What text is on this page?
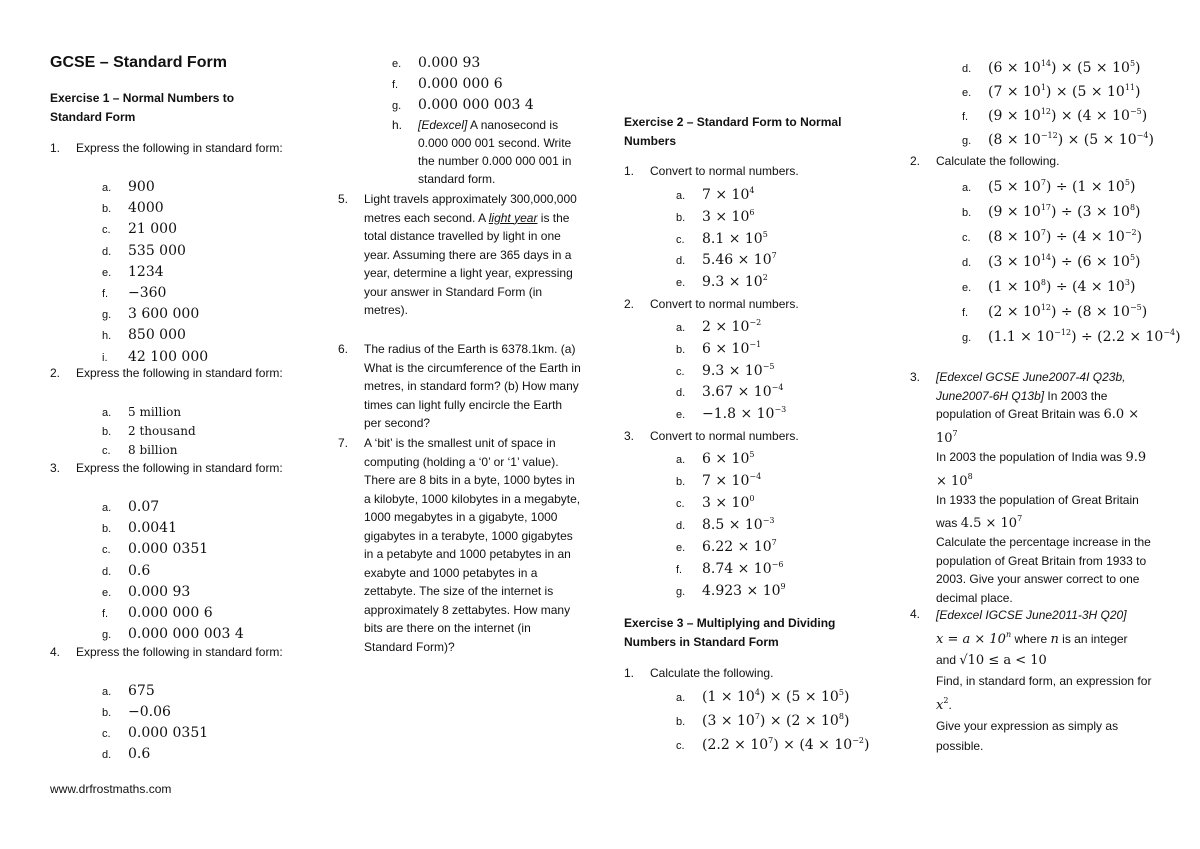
GCSE – Standard Form
Exercise 1 – Normal Numbers to Standard Form
1.	Express the following in standard form:
a. 900
b. 4000
c. 21 000
d. 535 000
e. 1234
f. −360
g. 3 600 000
h. 850 000
i. 42 100 000
2.	Express the following in standard form:
a. 5 million
b. 2 thousand
c. 8 billion
3.	Express the following in standard form:
a. 0.07
b. 0.0041
c. 0.000 0351
d. 0.6
e. 0.000 93
f. 0.000 000 6
g. 0.000 000 003 4
4.	Express the following in standard form:
a. 675
b. −0.06
c. 0.000 0351
d. 0.6
www.drfrostmaths.com
e. 0.000 93
f. 0.000 000 6
g. 0.000 000 003 4
h. [Edexcel] A nanosecond is 0.000 000 001 second. Write the number 0.000 000 001 in standard form.
5.	Light travels approximately 300,000,000 metres each second. A light year is the total distance travelled by light in one year. Assuming there are 365 days in a year, determine a light year, expressing your answer in Standard Form (in metres).
6.	The radius of the Earth is 6378.1km. (a) What is the circumference of the Earth in metres, in standard form? (b) How many times can light fully encircle the Earth per second?
7.	A ‘bit’ is the smallest unit of space in computing (holding a ‘0’ or ‘1’ value). There are 8 bits in a byte, 1000 bytes in a kilobyte, 1000 kilobytes in a megabyte, 1000 megabytes in a gigabyte, 1000 gigabytes in a terabyte, 1000 gigabytes in a petabyte and 1000 petabytes in an exabyte and 1000 petabytes in a zettabyte. The size of the internet is approximately 8 zettabytes. How many bits are there on the internet (in Standard Form)?
Exercise 2 – Standard Form to Normal Numbers
1.	Convert to normal numbers.
a. $7 \times 10^4$
b. $3 \times 10^6$
c. $8.1 \times 10^5$
d. $5.46 \times 10^7$
e. $9.3 \times 10^2$
2.	Convert to normal numbers.
a. $2 \times 10^{-2}$
b. $6 \times 10^{-1}$
c. $9.3 \times 10^{-5}$
d. $3.67 \times 10^{-4}$
e. $-1.8 \times 10^{-3}$
3.	Convert to normal numbers.
a. $6 \times 10^5$
b. $7 \times 10^{-4}$
c. $3 \times 10^0$
d. $8.5 \times 10^{-3}$
e. $6.22 \times 10^7$
f. $8.74 \times 10^{-6}$
g. $4.923 \times 10^9$
Exercise 3 – Multiplying and Dividing Numbers in Standard Form
1.	Calculate the following.
a. $(1 \times 10^4) \times (5 \times 10^5)$
b. $(3 \times 10^7) \times (2 \times 10^8)$
c. $(2.2 \times 10^7) \times (4 \times 10^{-2})$
d. $(6 \times 10^{14}) \times (5 \times 10^5)$
e. $(7 \times 10^1) \times (5 \times 10^{11})$
f. $(9 \times 10^{12}) \times (4 \times 10^{-5})$
g. $(8 \times 10^{-12}) \times (5 \times 10^{-4})$
2.	Calculate the following.
a. $(5 \times 10^7) \div (1 \times 10^5)$
b. $(9 \times 10^{17}) \div (3 \times 10^8)$
c. $(8 \times 10^7) \div (4 \times 10^{-2})$
d. $(3 \times 10^{14}) \div (6 \times 10^5)$
e. $(1 \times 10^8) \div (4 \times 10^3)$
f. $(2 \times 10^{12}) \div (8 \times 10^{-5})$
g. $(1.1 \times 10^{-12}) \div (2.2 \times 10^{-4})$
3.	[Edexcel GCSE June2007-4I Q23b, June2007-6H Q13b] In 2003 the population of Great Britain was $6.0 \times 10^7$
In 2003 the population of India was $9.9 \times 10^8$
In 1933 the population of Great Britain was $4.5 \times 10^7$
Calculate the percentage increase in the population of Great Britain from 1933 to 2003. Give your answer correct to one decimal place.
4.	[Edexcel IGCSE June2011-3H Q20]
$x = a \times 10^n$ where n is an integer
and √10 ≤ a < 10
Find, in standard form, an expression for $x^2$.
Give your expression as simply as possible.
